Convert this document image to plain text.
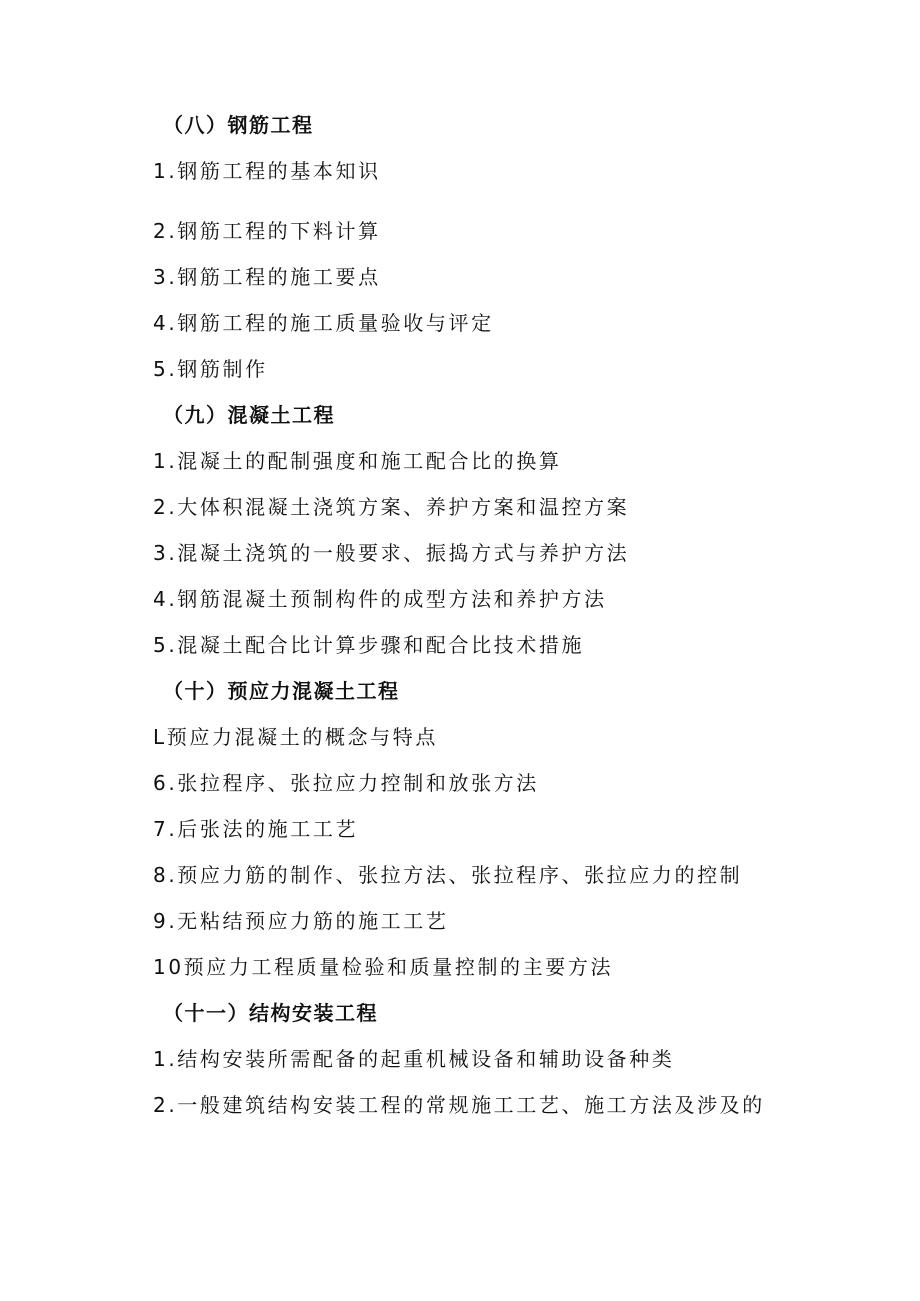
（八）钢筋工程
1.钢筋工程的基本知识
2.钢筋工程的下料计算
3.钢筋工程的施工要点
4.钢筋工程的施工质量验收与评定
5.钢筋制作
（九）混凝土工程
1.混凝土的配制强度和施工配合比的换算
2.大体积混凝土浇筑方案、养护方案和温控方案
3.混凝土浇筑的一般要求、振捣方式与养护方法
4.钢筋混凝土预制构件的成型方法和养护方法
5.混凝土配合比计算步骤和配合比技术措施
（十）预应力混凝土工程
L预应力混凝土的概念与特点
6.张拉程序、张拉应力控制和放张方法
7.后张法的施工工艺
8.预应力筋的制作、张拉方法、张拉程序、张拉应力的控制
9.无粘结预应力筋的施工工艺
10预应力工程质量检验和质量控制的主要方法
（十一）结构安装工程
1.结构安装所需配备的起重机械设备和辅助设备种类
2.一般建筑结构安装工程的常规施工工艺、施工方法及涉及的
